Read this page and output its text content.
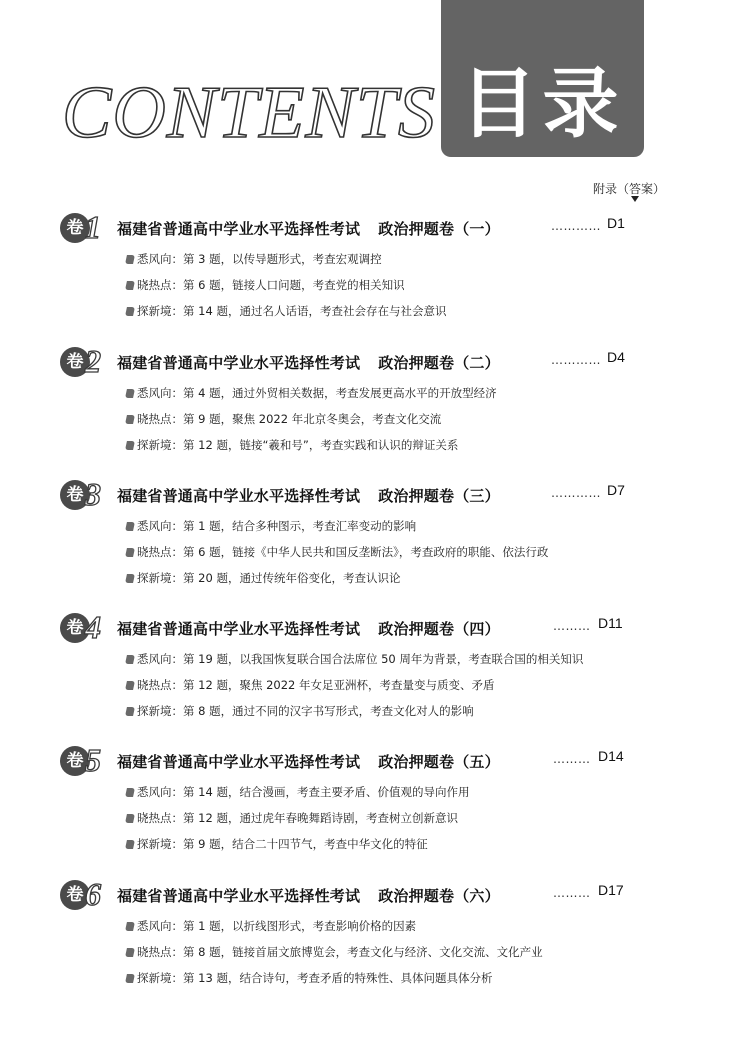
CONTENTS 目录
附录（答案）
卷 1 福建省普通高中学业水平选择性考试 政治押题卷（一）	………… D1
悉风向：第 3 题，以传导题形式，考查宏观调控
晓热点：第 6 题，链接人口问题，考查党的相关知识
探新境：第 14 题，通过名人话语，考查社会存在与社会意识
卷 2 福建省普通高中学业水平选择性考试 政治押题卷（二）	………… D4
悉风向：第 4 题，通过外贸相关数据，考查发展更高水平的开放型经济
晓热点：第 9 题，聚焦 2022 年北京冬奥会，考查文化交流
探新境：第 12 题，链接“羲和号”，考查实践和认识的辩证关系
卷 3 福建省普通高中学业水平选择性考试 政治押题卷（三）	………… D7
悉风向：第 1 题，结合多种图示，考查汇率变动的影响
晓热点：第 6 题，链接《中华人民共和国反垄断法》，考查政府的职能、依法行政
探新境：第 20 题，通过传统年俗变化，考查认识论
卷 4 福建省普通高中学业水平选择性考试 政治押题卷（四）	……… D11
悉风向：第 19 题，以我国恢复联合国合法席位 50 周年为背景，考查联合国的相关知识
晓热点：第 12 题，聚焦 2022 年女足亚洲杯，考查量变与质变、矛盾
探新境：第 8 题，通过不同的汉字书写形式，考查文化对人的影响
卷 5 福建省普通高中学业水平选择性考试 政治押题卷（五）	……… D14
悉风向：第 14 题，结合漫画，考查主要矛盾、价值观的导向作用
晓热点：第 12 题，通过虎年春晚舞蹈诗剧，考查树立创新意识
探新境：第 9 题，结合二十四节气，考查中华文化的特征
卷 6 福建省普通高中学业水平选择性考试 政治押题卷（六）	……… D17
悉风向：第 1 题，以折线图形式，考查影响价格的因素
晓热点：第 8 题，链接首届文旅博览会，考查文化与经济、文化交流、文化产业
探新境：第 13 题，结合诗句，考查矛盾的特殊性、具体问题具体分析
